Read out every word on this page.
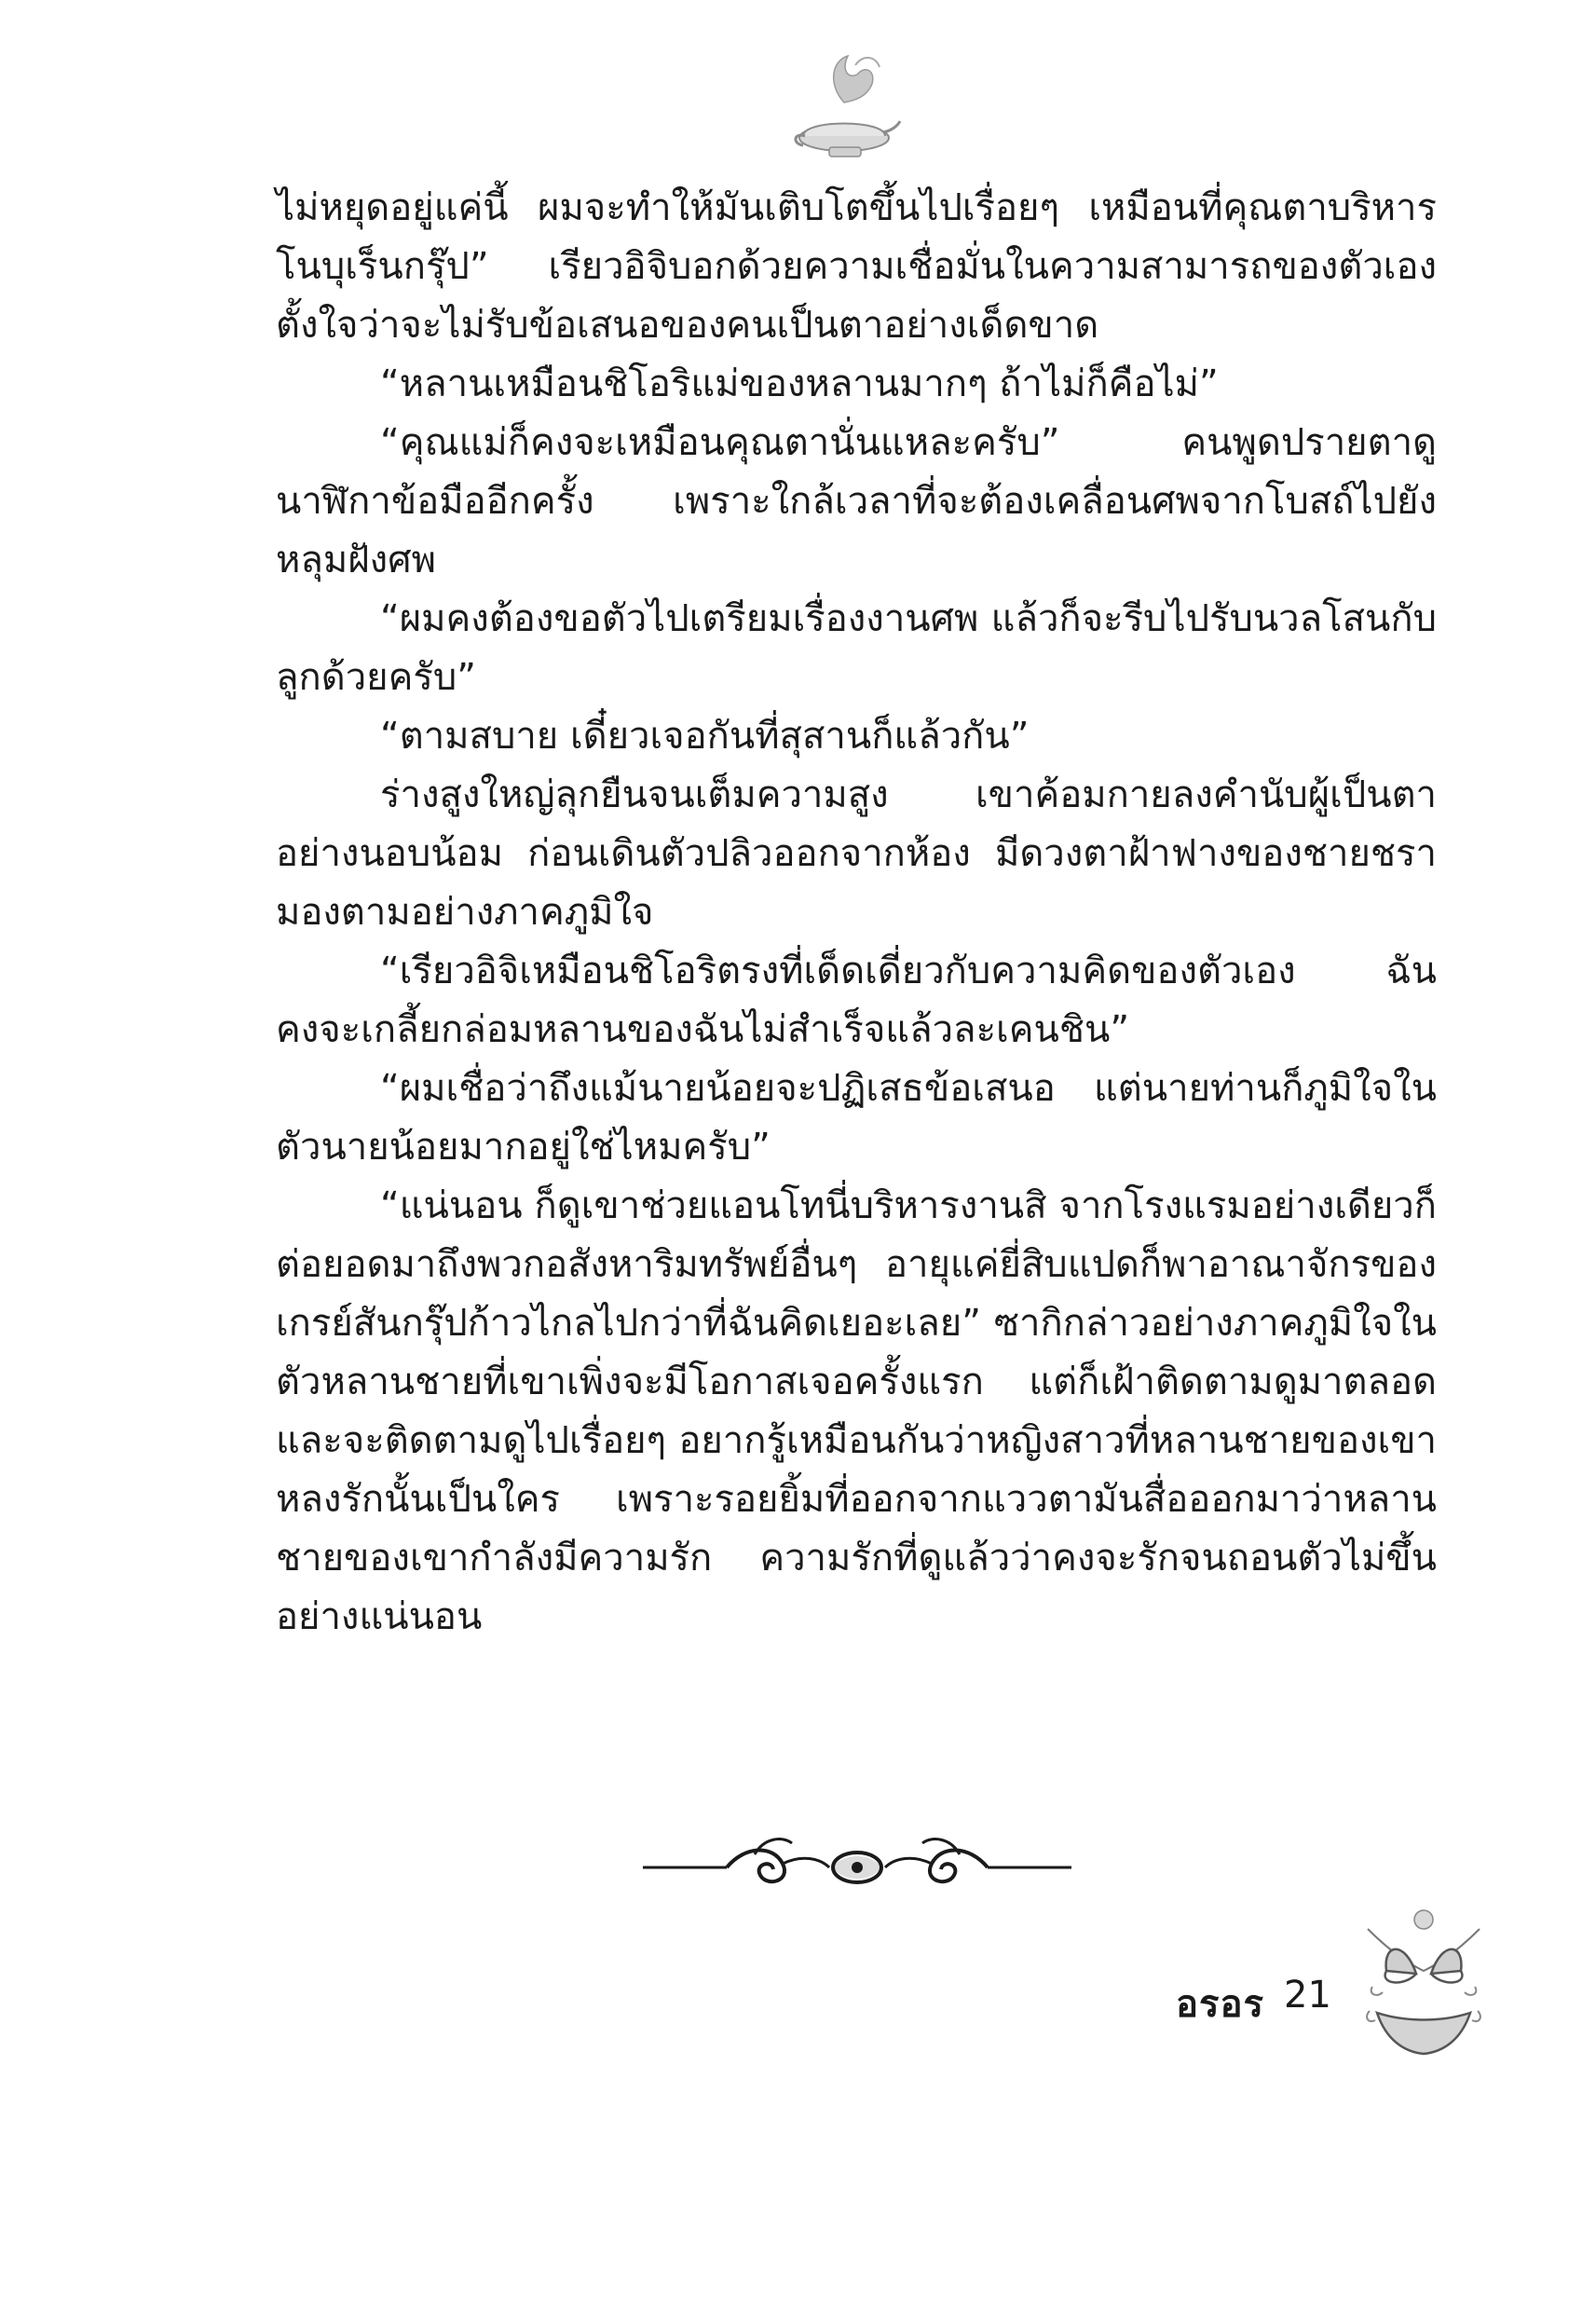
ไม่หยุดอยู่แค่นี้ ผมจะทำให้มันเติบโตขึ้นไปเรื่อยๆ เหมือนที่คุณตาบริหารโนบุเร็นกรุ๊ป” เรียวอิจิบอกด้วยความเชื่อมั่นในความสามารถของตัวเองตั้งใจว่าจะไม่รับข้อเสนอของคนเป็นตาอย่างเด็ดขาด

“หลานเหมือนชิโอริแม่ของหลานมากๆ ถ้าไม่ก็คือไม่”

“คุณแม่ก็คงจะเหมือนคุณตานั่นแหละครับ” คนพูดปรายตาดูนาฬิกาข้อมืออีกครั้ง เพราะใกล้เวลาที่จะต้องเคลื่อนศพจากโบสถ์ไปยังหลุมฝังศพ

“ผมคงต้องขอตัวไปเตรียมเรื่องงานศพ แล้วก็จะรีบไปรับนวลโสนกับลูกด้วยครับ”

“ตามสบาย เดี๋ยวเจอกันที่สุสานก็แล้วกัน”

ร่างสูงใหญ่ลุกยืนจนเต็มความสูง เขาค้อมกายลงคำนับผู้เป็นตาอย่างนอบน้อม ก่อนเดินตัวปลิวออกจากห้อง มีดวงตาฝ้าฟางของชายชรามองตามอย่างภาคภูมิใจ

“เรียวอิจิเหมือนชิโอริตรงที่เด็ดเดี่ยวกับความคิดของตัวเอง ฉันคงจะเกลี้ยกล่อมหลานของฉันไม่สำเร็จแล้วละเคนชิน”

“ผมเชื่อว่าถึงแม้นายน้อยจะปฏิเสธข้อเสนอ แต่นายท่านก็ภูมิใจในตัวนายน้อยมากอยู่ใช่ไหมครับ”

“แน่นอน ก็ดูเขาช่วยแอนโทนี่บริหารงานสิ จากโรงแรมอย่างเดียวก็ต่อยอดมาถึงพวกอสังหาริมทรัพย์อื่นๆ อายุแค่ยี่สิบแปดก็พาอาณาจักรของเกรย์สันกรุ๊ปก้าวไกลไปกว่าที่ฉันคิดเยอะเลย” ซากิกล่าวอย่างภาคภูมิใจในตัวหลานชายที่เขาเพิ่งจะมีโอกาสเจอครั้งแรก แต่ก็เฝ้าติดตามดูมาตลอดและจะติดตามดูไปเรื่อยๆ อยากรู้เหมือนกันว่าหญิงสาวที่หลานชายของเขาหลงรักนั้นเป็นใคร เพราะรอยยิ้มที่ออกจากแววตามันสื่อออกมาว่าหลานชายของเขากำลังมีความรัก ความรักที่ดูแล้วว่าคงจะรักจนถอนตัวไม่ขึ้นอย่างแน่นอน

อรอร 21
